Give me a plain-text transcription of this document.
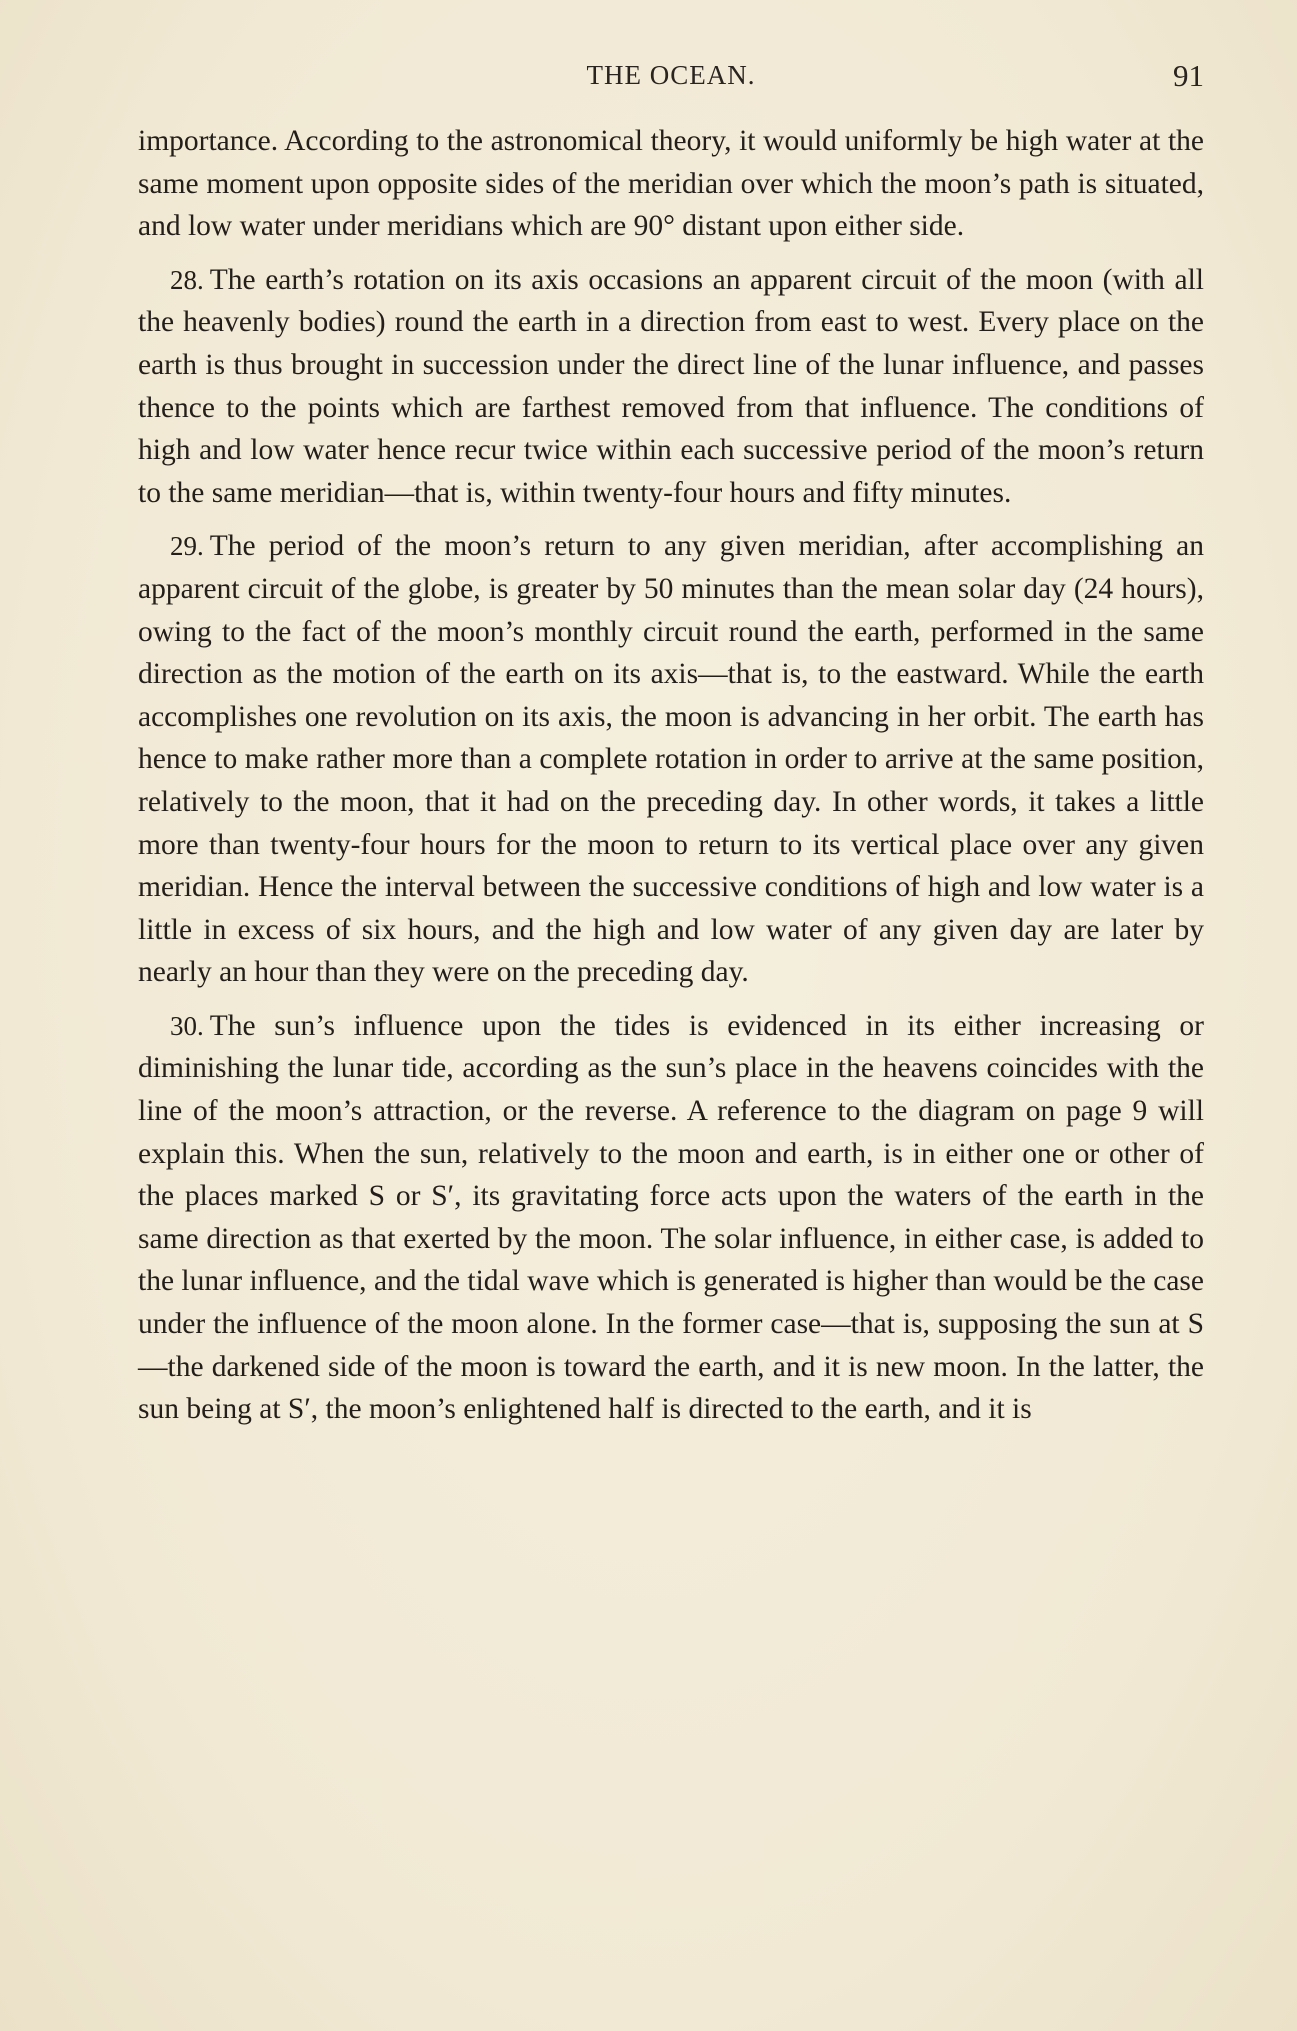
THE OCEAN.	91

importance. According to the astronomical theory, it would uniformly be high water at the same moment upon opposite sides of the meridian over which the moon’s path is situated, and low water under meridians which are 90° distant upon either side.

28. The earth’s rotation on its axis occasions an apparent circuit of the moon (with all the heavenly bodies) round the earth in a direction from east to west. Every place on the earth is thus brought in succession under the direct line of the lunar influence, and passes thence to the points which are farthest removed from that influence. The conditions of high and low water hence recur twice within each successive period of the moon’s return to the same meridian—that is, within twenty-four hours and fifty minutes.

29. The period of the moon’s return to any given meridian, after accomplishing an apparent circuit of the globe, is greater by 50 minutes than the mean solar day (24 hours), owing to the fact of the moon’s monthly circuit round the earth, performed in the same direction as the motion of the earth on its axis—that is, to the eastward. While the earth accomplishes one revolution on its axis, the moon is advancing in her orbit. The earth has hence to make rather more than a complete rotation in order to arrive at the same position, relatively to the moon, that it had on the preceding day. In other words, it takes a little more than twenty-four hours for the moon to return to its vertical place over any given meridian. Hence the interval between the successive conditions of high and low water is a little in excess of six hours, and the high and low water of any given day are later by nearly an hour than they were on the preceding day.

30. The sun’s influence upon the tides is evidenced in its either increasing or diminishing the lunar tide, according as the sun’s place in the heavens coincides with the line of the moon’s attraction, or the reverse. A reference to the diagram on page 9 will explain this. When the sun, relatively to the moon and earth, is in either one or other of the places marked S or S′, its gravitating force acts upon the waters of the earth in the same direction as that exerted by the moon. The solar influence, in either case, is added to the lunar influence, and the tidal wave which is generated is higher than would be the case under the influence of the moon alone. In the former case—that is, supposing the sun at S—the darkened side of the moon is toward the earth, and it is new moon. In the latter, the sun being at S′, the moon’s enlightened half is directed to the earth, and it is
